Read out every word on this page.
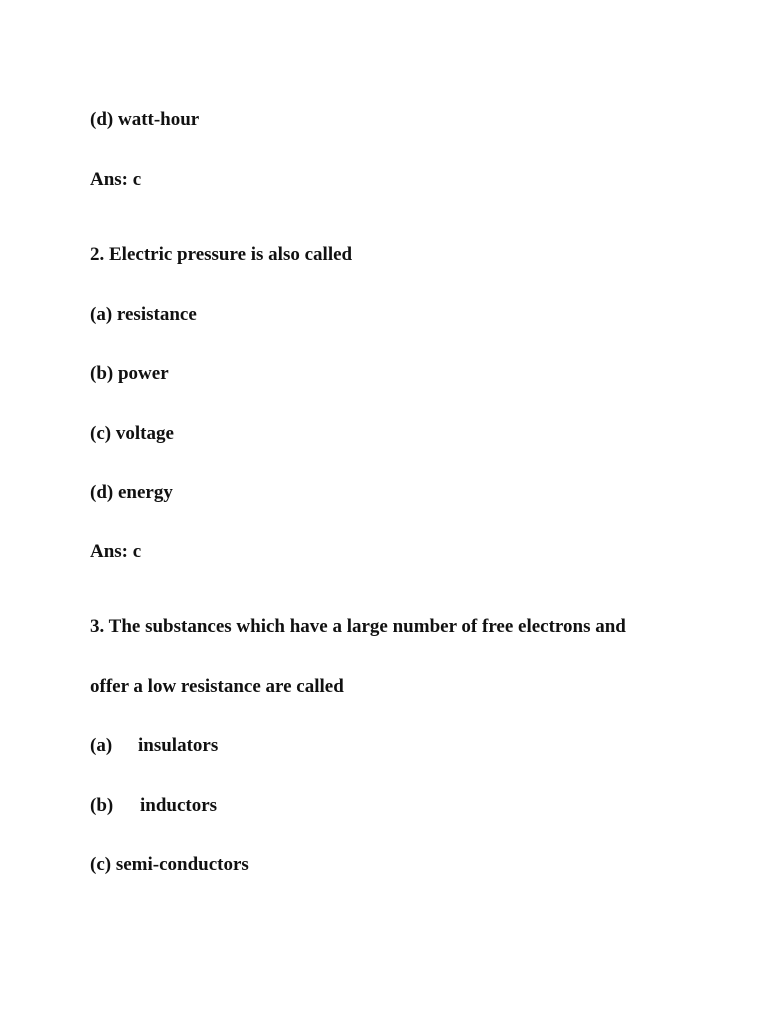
(d) watt-hour

Ans: c

2. Electric pressure is also called

(a) resistance

(b) power

(c) voltage

(d) energy

Ans: c

3. The substances which have a large number of free electrons and

offer a low resistance are called

(a) insulators

(b) inductors

(c) semi-conductors
